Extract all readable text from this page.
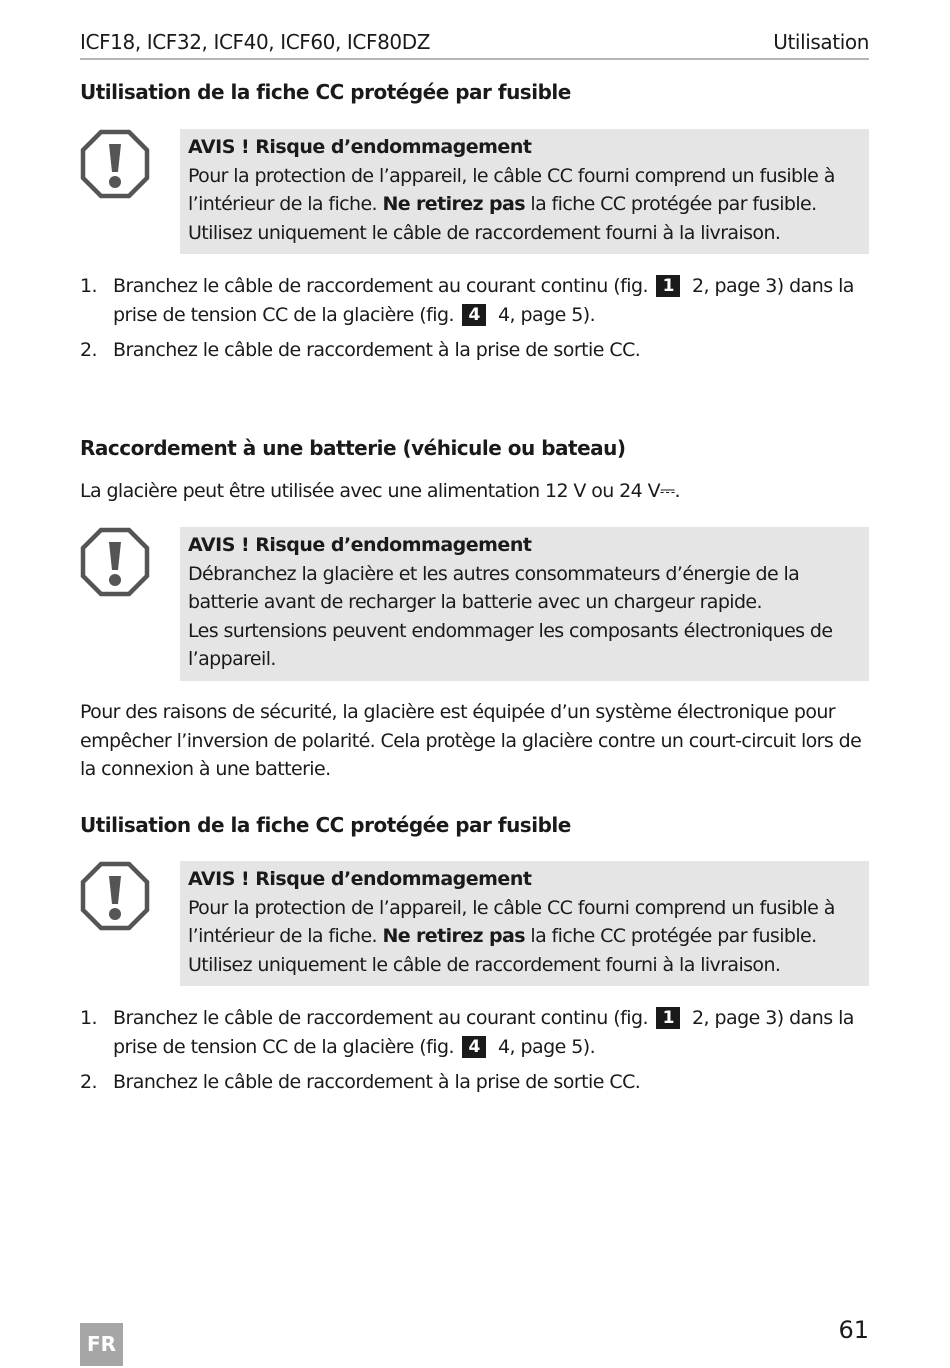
ICF18, ICF32, ICF40, ICF60, ICF80DZ	Utilisation
Utilisation de la fiche CC protégée par fusible
AVIS ! Risque d’endommagement

Pour la protection de l’appareil, le câble CC fourni comprend un fusible à l’intérieur de la fiche. Ne retirez pas la fiche CC protégée par fusible. Utilisez uniquement le câble de raccordement fourni à la livraison.

1. Branchez le câble de raccordement au courant continu (fig. 1 2, page 3) dans la prise de tension CC de la glacière (fig. 4 4, page 5).
2. Branchez le câble de raccordement à la prise de sortie CC.
Raccordement à une batterie (véhicule ou bateau)

La glacière peut être utilisée avec une alimentation 12 V ou 24 V⎓.

AVIS ! Risque d’endommagement

Débranchez la glacière et les autres consommateurs d’énergie de la batterie avant de recharger la batterie avec un chargeur rapide.

Les surtensions peuvent endommager les composants électroniques de l’appareil.

Pour des raisons de sécurité, la glacière est équipée d’un système électronique pour empêcher l’inversion de polarité. Cela protège la glacière contre un court-circuit lors de la connexion à une batterie.

Utilisation de la fiche CC protégée par fusible
AVIS ! Risque d’endommagement

Pour la protection de l’appareil, le câble CC fourni comprend un fusible à l’intérieur de la fiche. Ne retirez pas la fiche CC protégée par fusible. Utilisez uniquement le câble de raccordement fourni à la livraison.

1. Branchez le câble de raccordement au courant continu (fig. 1 2, page 3) dans la prise de tension CC de la glacière (fig. 4 4, page 5).
2. Branchez le câble de raccordement à la prise de sortie CC.
FR	61
